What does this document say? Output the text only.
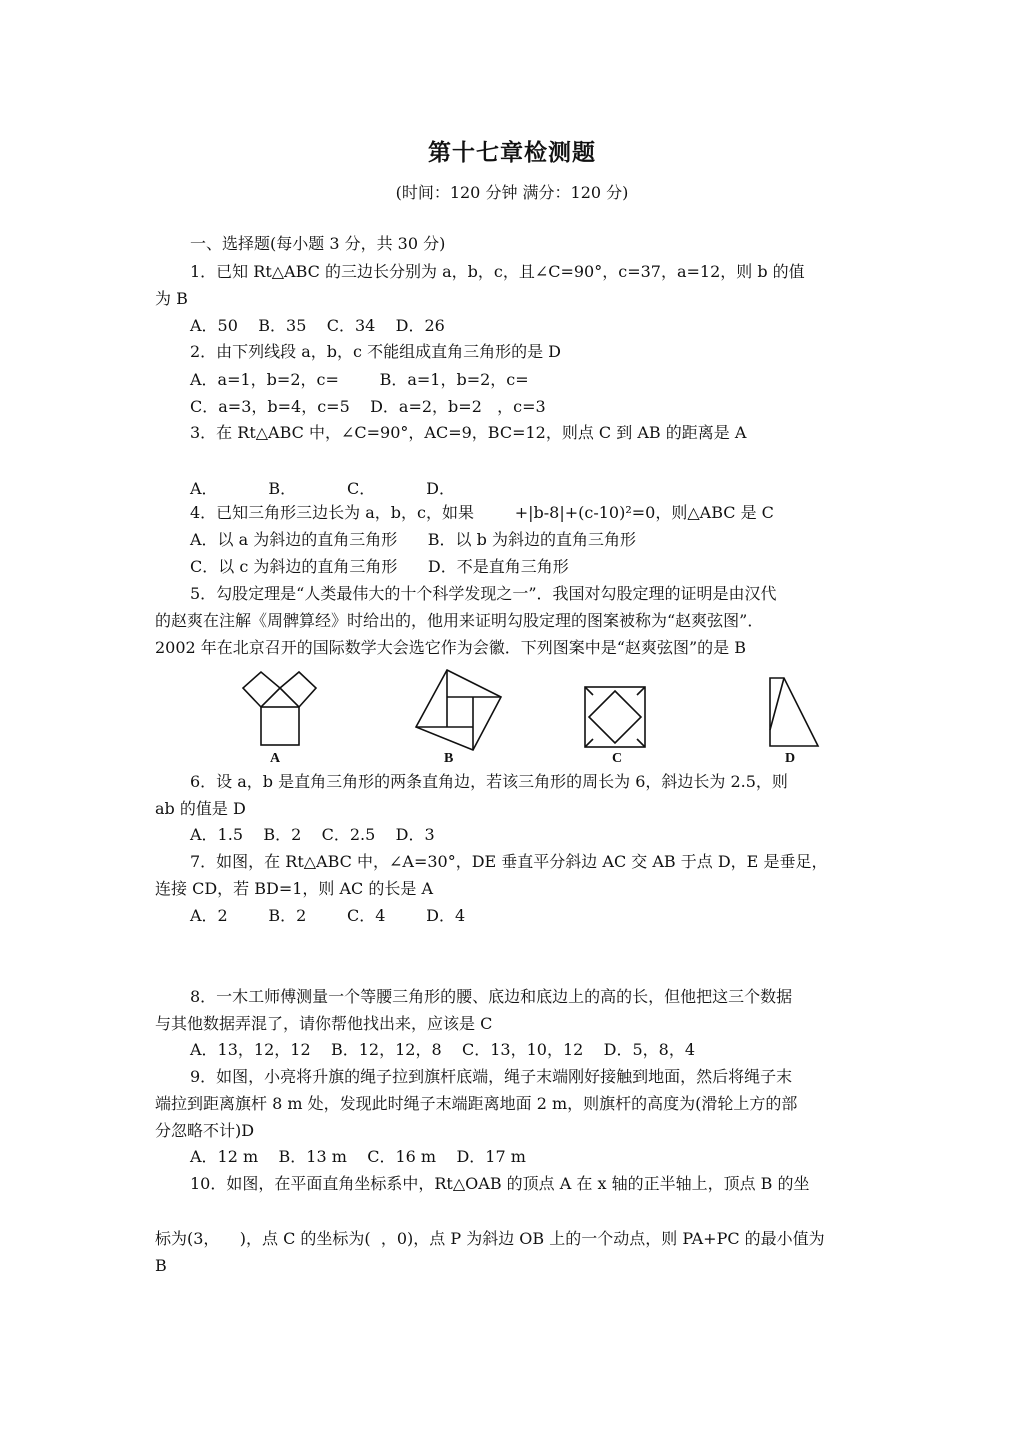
第十七章检测题
(时间：120 分钟 满分：120 分)
一、选择题(每小题 3 分，共 30 分)
1．已知 Rt△ABC 的三边长分别为 a，b，c，且∠C=90°，c=37，a=12，则 b 的值
为 B
A．50    B．35    C．34    D．26
2．由下列线段 a，b，c 不能组成直角三角形的是 D
A．a=1，b=2，c=        B．a=1，b=2，c=
C．a=3，b=4，c=5    D．a=2，b=2   ，c=3
3．在 Rt△ABC 中，∠C=90°，AC=9，BC=12，则点 C 到 AB 的距离是 A
A．          B．          C．          D．
4．已知三角形三边长为 a，b，c，如果        +|b-8|+(c-10)²=0，则△ABC 是 C
A．以 a 为斜边的直角三角形      B．以 b 为斜边的直角三角形
C．以 c 为斜边的直角三角形      D．不是直角三角形
5．勾股定理是“人类最伟大的十个科学发现之一”．我国对勾股定理的证明是由汉代
的赵爽在注解《周髀算经》时给出的，他用来证明勾股定理的图案被称为“赵爽弦图”．
2002 年在北京召开的国际数学大会选它作为会徽．下列图案中是“赵爽弦图”的是 B
A	B	C	D
6．设 a，b 是直角三角形的两条直角边，若该三角形的周长为 6，斜边长为 2.5，则
ab 的值是 D
A．1.5    B．2    C．2.5    D．3
7．如图，在 Rt△ABC 中，∠A=30°，DE 垂直平分斜边 AC 交 AB 于点 D，E 是垂足，
连接 CD，若 BD=1，则 AC 的长是 A
A．2        B．2        C．4        D．4
8．一木工师傅测量一个等腰三角形的腰、底边和底边上的高的长，但他把这三个数据
与其他数据弄混了，请你帮他找出来，应该是 C
A．13，12，12    B．12，12，8    C．13，10，12    D．5，8，4
9．如图，小亮将升旗的绳子拉到旗杆底端，绳子末端刚好接触到地面，然后将绳子末
端拉到距离旗杆 8 m 处，发现此时绳子末端距离地面 2 m，则旗杆的高度为(滑轮上方的部
分忽略不计)D
A．12 m    B．13 m    C．16 m    D．17 m
10．如图，在平面直角坐标系中，Rt△OAB 的顶点 A 在 x 轴的正半轴上，顶点 B 的坐
标为(3，    )，点 C 的坐标为(  ，0)，点 P 为斜边 OB 上的一个动点，则 PA+PC 的最小值为
B
